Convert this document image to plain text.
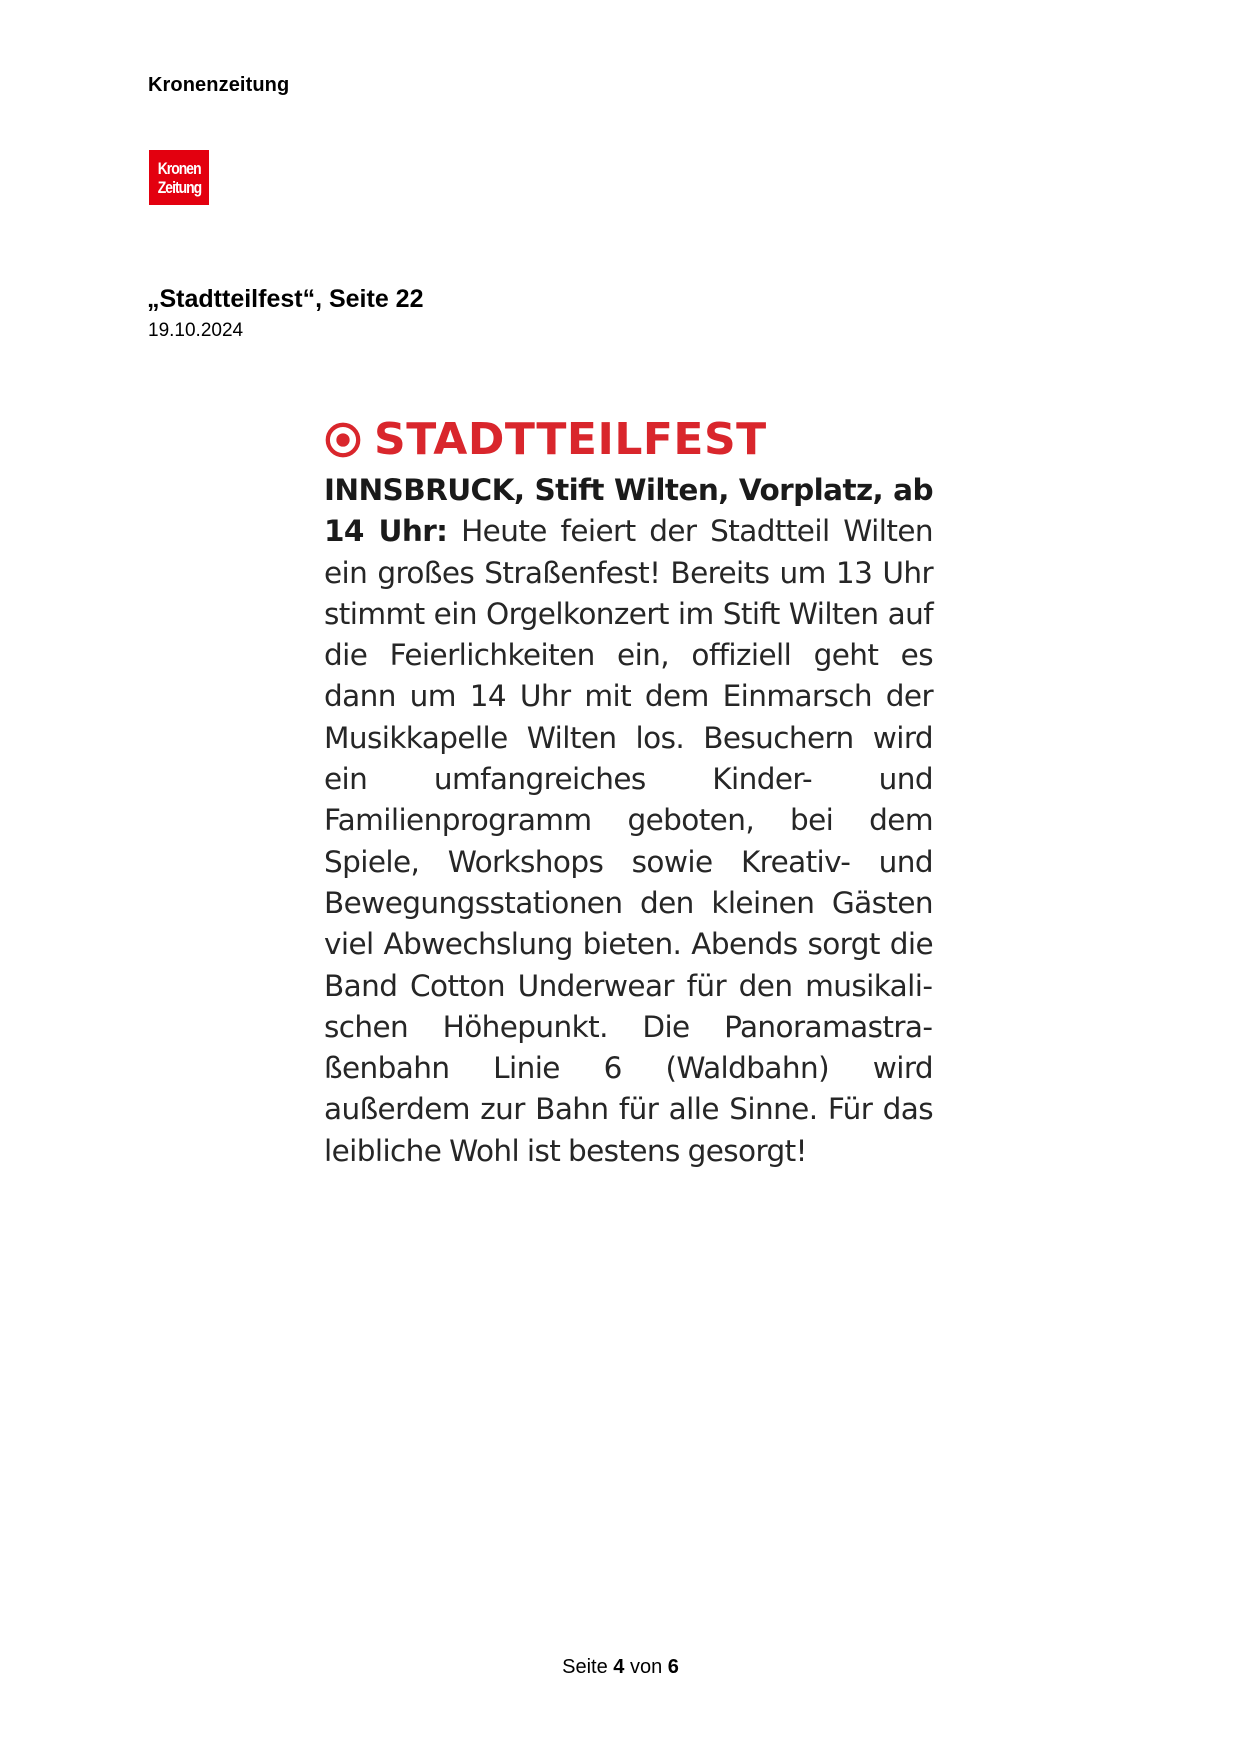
Kronenzeitung
Kronen
Zeitung
„Stadtteilfest“, Seite 22
19.10.2024
STADTTEILFEST

INNSBRUCK, Stift Wilten, Vorplatz, ab 14 Uhr: Heute feiert der Stadtteil Wilten ein großes Straßenfest! Bereits um 13 Uhr stimmt ein Orgelkonzert im Stift Wilten auf die Feierlichkeiten ein, offiziell geht es dann um 14 Uhr mit dem Einmarsch der Musikkapelle Wilten los. Besuchern wird ein umfangreiches Kinder- und Familienprogramm geboten, bei dem Spiele, Workshops sowie Kreativ- und Bewegungsstationen den kleinen Gästen viel Abwechslung bieten. Abends sorgt die Band Cotton Underwear für den musikalischen Höhepunkt. Die Panoramastraßenbahn Linie 6 (Waldbahn) wird außerdem zur Bahn für alle Sinne. Für das leibliche Wohl ist bestens gesorgt!

Seite 4 von 6
